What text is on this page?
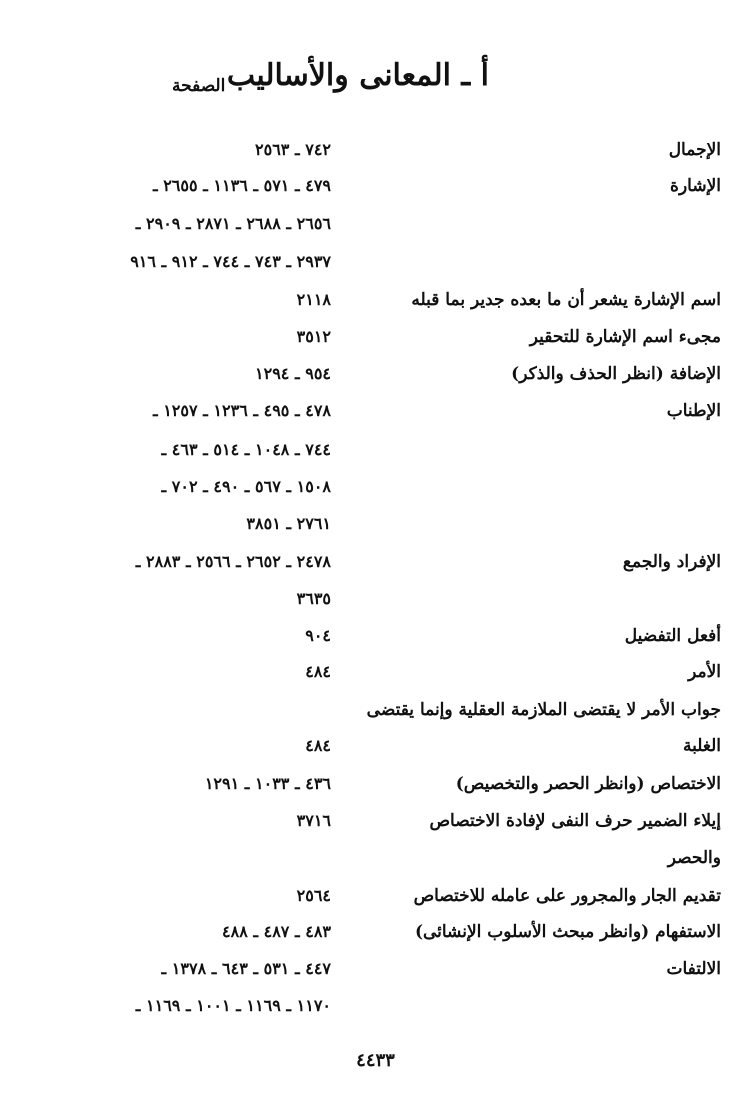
أ ـ المعانى والأساليب
الصفحة
الإجمال
٧٤٢ ـ ٢٥٦٣
الإشارة
٤٧٩ ـ ٥٧١ ـ ١١٣٦ ـ ٢٦٥٥ ـ
٢٦٥٦ ـ ٢٦٨٨ ـ ٢٨٧١ ـ ٢٩٠٩ ـ
٢٩٣٧ ـ ٧٤٣ ـ ٧٤٤ ـ ٩١٢ ـ ٩١٦
اسم الإشارة يشعر أن ما بعده جدير بما قبله
٢١١٨
مجىء اسم الإشارة للتحقير
٣٥١٢
الإضافة (انظر الحذف والذكر)
٩٥٤ ـ ١٢٩٤
الإطناب
٤٧٨ ـ ٤٩٥ ـ ١٢٣٦ ـ ١٢٥٧ ـ
٧٤٤ ـ ١٠٤٨ ـ ٥١٤ ـ ٤٦٣ ـ
١٥٠٨ ـ ٥٦٧ ـ ٤٩٠ ـ ٧٠٢ ـ
٢٧٦١ ـ ٣٨٥١
الإفراد والجمع
٢٤٧٨ ـ ٢٦٥٢ ـ ٢٥٦٦ ـ ٢٨٨٣ ـ
٣٦٣٥
أفعل التفضيل
٩٠٤
الأمر
٤٨٤
جواب الأمر لا يقتضى الملازمة العقلية وإنما يقتضى
الغلبة
٤٨٤
الاختصاص (وانظر الحصر والتخصيص)
٤٣٦ ـ ١٠٣٣ ـ ١٢٩١
إيلاء الضمير حرف النفى لإفادة الاختصاص
٣٧١٦
والحصر
تقديم الجار والمجرور على عامله للاختصاص
٢٥٦٤
الاستفهام (وانظر مبحث الأسلوب الإنشائى)
٤٨٣ ـ ٤٨٧ ـ ٤٨٨
الالتفات
٤٤٧ ـ ٥٣١ ـ ٦٤٣ ـ ١٣٧٨ ـ
١١٧٠ ـ ١١٦٩ ـ ١٠٠١ ـ ١١٦٩ ـ
٤٤٣٣
